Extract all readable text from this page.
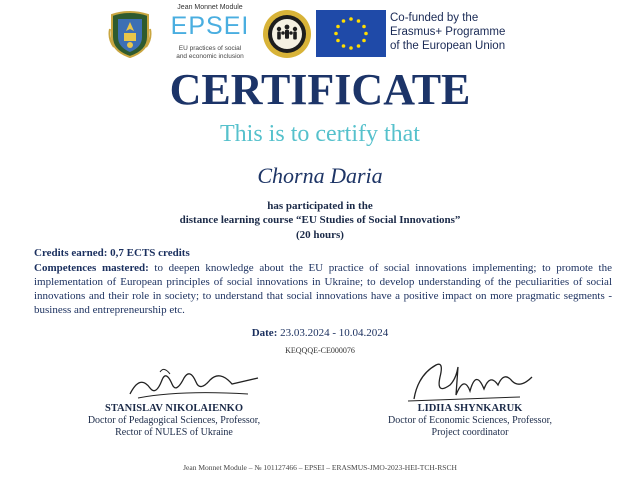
Jean Monnet Module
EPSEI
EU practices of social
and economic inclusion
Co-funded by the
Erasmus+ Programme
of the European Union
CERTIFICATE
This is to certify that
Chorna Daria
has participated in the
distance learning course “EU Studies of Social Innovations”
(20 hours)
Credits earned: 0,7 ECTS credits
Competences mastered: to deepen knowledge about the EU practice of social innovations implementing; to promote the implementation of European principles of social innovations in Ukraine; to develop understanding of the peculiarities of social innovations and their role in society; to understand that social innovations have a positive impact on more pragmatic segments - business and entrepreneurship etc.
Date: 23.03.2024 - 10.04.2024
KEQQQE-CE000076
STANISLAV NIKOLAIENKO
Doctor of Pedagogical Sciences, Professor,
Rector of NULES of Ukraine
LIDIIA SHYNKARUK
Doctor of Economic Sciences, Professor,
Project coordinator
Jean Monnet Module – № 101127466 – EPSEI – ERASMUS-JMO-2023-HEI-TCH-RSCH
